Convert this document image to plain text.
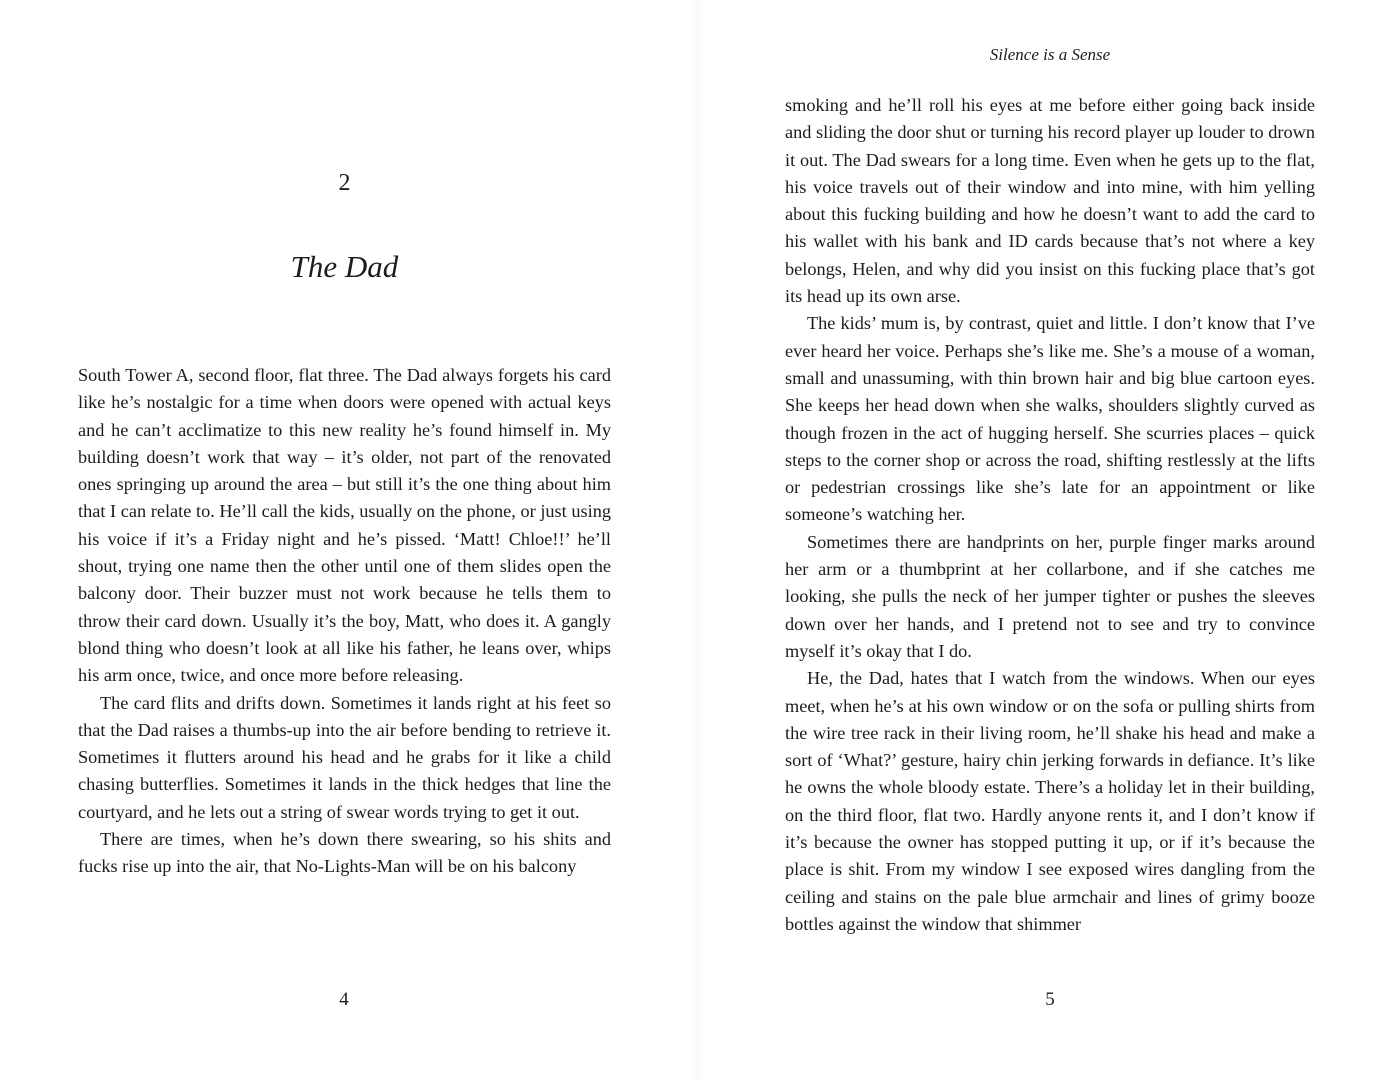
2
The Dad

South Tower A, second floor, flat three. The Dad always forgets his card like he’s nostalgic for a time when doors were opened with actual keys and he can’t acclimatize to this new reality he’s found himself in. My building doesn’t work that way – it’s older, not part of the renovated ones springing up around the area – but still it’s the one thing about him that I can relate to. He’ll call the kids, usually on the phone, or just using his voice if it’s a Friday night and he’s pissed. ‘Matt! Chloe!!’ he’ll shout, trying one name then the other until one of them slides open the balcony door. Their buzzer must not work because he tells them to throw their card down. Usually it’s the boy, Matt, who does it. A gangly blond thing who doesn’t look at all like his father, he leans over, whips his arm once, twice, and once more before releasing.

The card flits and drifts down. Sometimes it lands right at his feet so that the Dad raises a thumbs-up into the air before bending to retrieve it. Sometimes it flutters around his head and he grabs for it like a child chasing butterflies. Sometimes it lands in the thick hedges that line the courtyard, and he lets out a string of swear words trying to get it out.

There are times, when he’s down there swearing, so his shits and fucks rise up into the air, that No-Lights-Man will be on his balcony

4
Silence is a Sense

smoking and he’ll roll his eyes at me before either going back inside and sliding the door shut or turning his record player up louder to drown it out. The Dad swears for a long time. Even when he gets up to the flat, his voice travels out of their window and into mine, with him yelling about this fucking building and how he doesn’t want to add the card to his wallet with his bank and ID cards because that’s not where a key belongs, Helen, and why did you insist on this fucking place that’s got its head up its own arse.

The kids’ mum is, by contrast, quiet and little. I don’t know that I’ve ever heard her voice. Perhaps she’s like me. She’s a mouse of a woman, small and unassuming, with thin brown hair and big blue cartoon eyes. She keeps her head down when she walks, shoulders slightly curved as though frozen in the act of hugging herself. She scurries places – quick steps to the corner shop or across the road, shifting restlessly at the lifts or pedestrian crossings like she’s late for an appointment or like someone’s watching her.

Sometimes there are handprints on her, purple finger marks around her arm or a thumbprint at her collarbone, and if she catches me looking, she pulls the neck of her jumper tighter or pushes the sleeves down over her hands, and I pretend not to see and try to convince myself it’s okay that I do.

He, the Dad, hates that I watch from the windows. When our eyes meet, when he’s at his own window or on the sofa or pulling shirts from the wire tree rack in their living room, he’ll shake his head and make a sort of ‘What?’ gesture, hairy chin jerking forwards in defiance. It’s like he owns the whole bloody estate. There’s a holiday let in their building, on the third floor, flat two. Hardly anyone rents it, and I don’t know if it’s because the owner has stopped putting it up, or if it’s because the place is shit. From my window I see exposed wires dangling from the ceiling and stains on the pale blue armchair and lines of grimy booze bottles against the window that shimmer

5
